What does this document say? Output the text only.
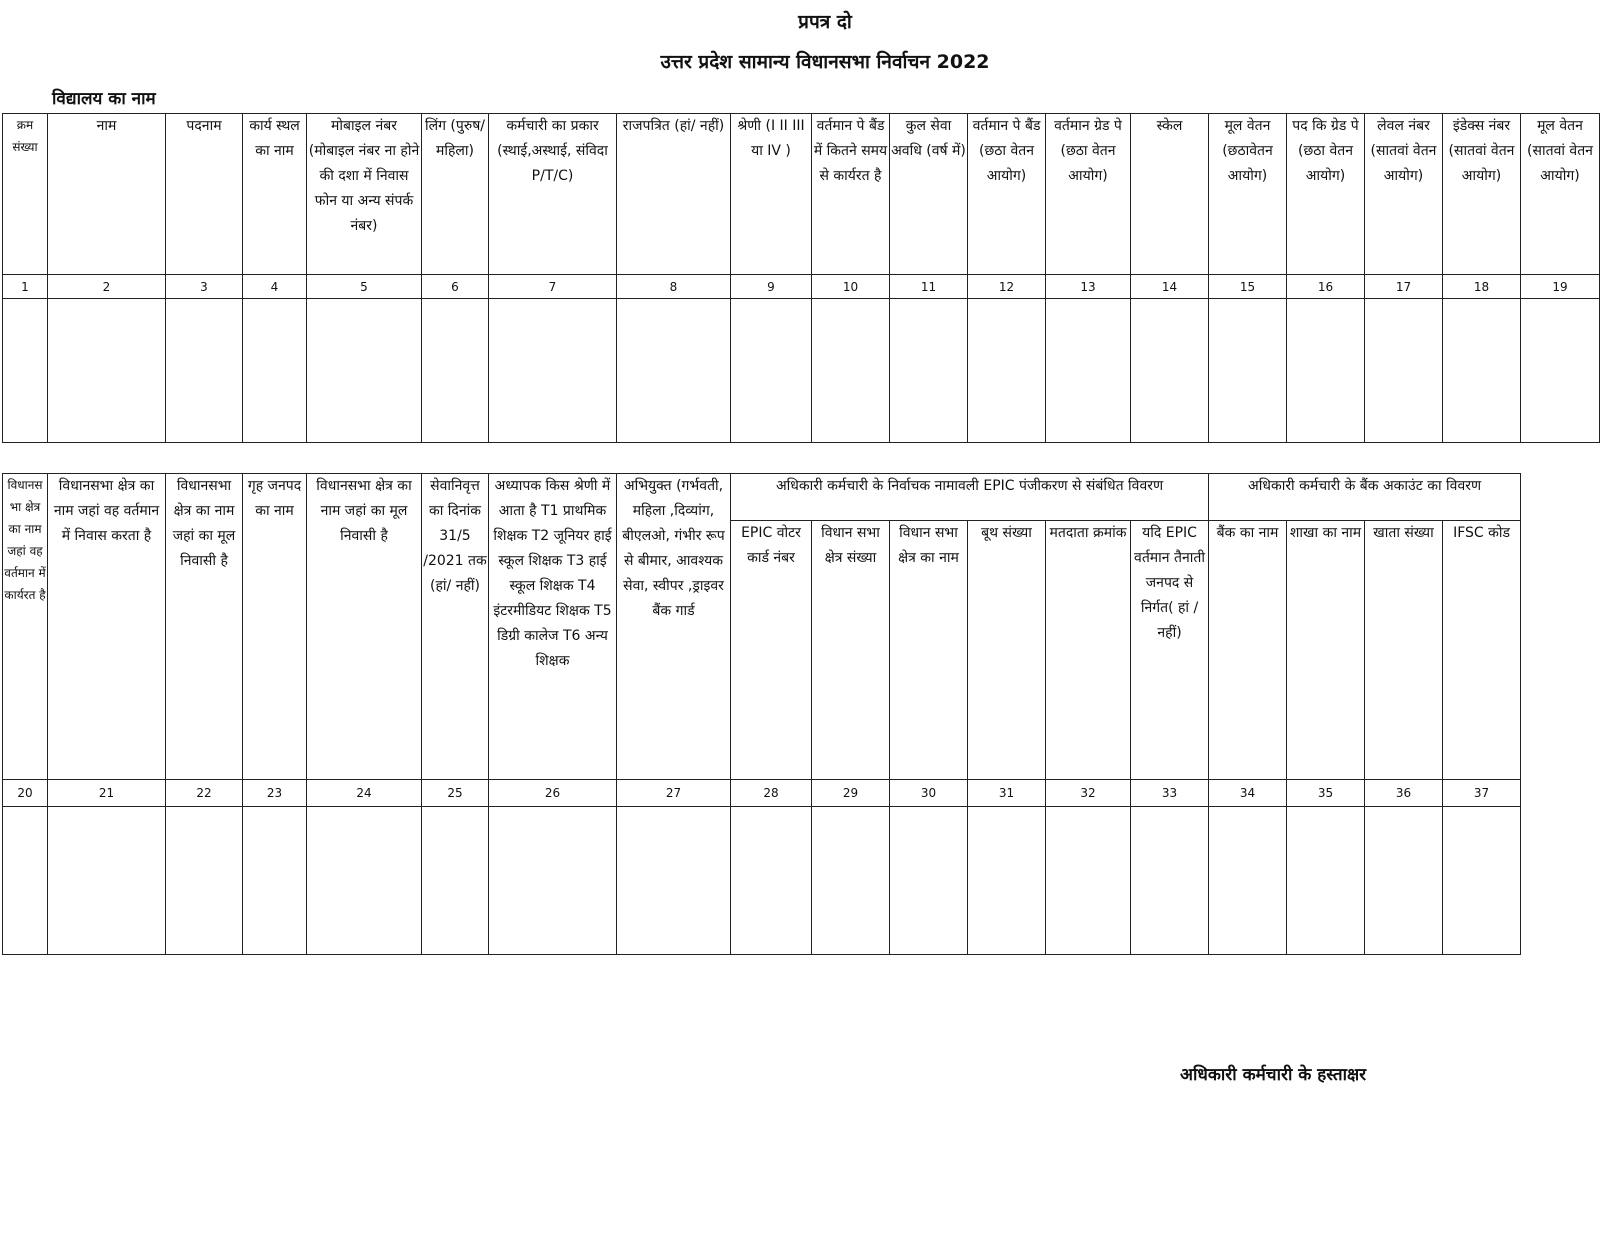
प्रपत्र दो
उत्तर प्रदेश सामान्य विधानसभा निर्वाचन 2022
विद्यालय का नाम
क्रम संख्या	नाम	पदनाम	कार्य स्थल का नाम	मोबाइल नंबर (मोबाइल नंबर ना होने की दशा में निवास फोन या अन्य संपर्क नंबर)	लिंग (पुरुष/ महिला)	कर्मचारी का प्रकार (स्थाई,अस्थाई, संविदा P/T/C)	राजपत्रित (हां/ नहीं)	श्रेणी (I II III या IV )	वर्तमान पे बैंड में कितने समय से कार्यरत है	कुल सेवा अवधि (वर्ष में)	वर्तमान पे बैंड (छठा वेतन आयोग)	वर्तमान ग्रेड पे (छठा वेतन आयोग)	स्केल	मूल वेतन (छठावेतन आयोग)	पद कि ग्रेड पे (छठा वेतन आयोग)	लेवल नंबर (सातवां वेतन आयोग)	इंडेक्स नंबर (सातवां वेतन आयोग)	मूल वेतन (सातवां वेतन आयोग)
1	2	3	4	5	6	7	8	9	10	11	12	13	14	15	16	17	18	19

विधानसभा क्षेत्र का नाम जहां वह वर्तमान में कार्यरत है	विधानसभा क्षेत्र का नाम जहां वह वर्तमान में निवास करता है	विधानसभा क्षेत्र का नाम जहां का मूल निवासी है	गृह जनपद का नाम	विधानसभा क्षेत्र का नाम जहां का मूल निवासी है	सेवानिवृत्त का दिनांक 31/5 /2021 तक (हां/ नहीं)	अध्यापक किस श्रेणी में आता है T1 प्राथमिक शिक्षक T2 जूनियर हाई स्कूल शिक्षक T3 हाई स्कूल शिक्षक T4 इंटरमीडियट शिक्षक T5 डिग्री कालेज T6 अन्य शिक्षक	अभियुक्त (गर्भवती, महिला ,दिव्यांग, बीएलओ, गंभीर रूप से बीमार, आवश्यक सेवा, स्वीपर ,ड्राइवर बैंक गार्ड	अधिकारी कर्मचारी के निर्वाचक नामावली EPIC पंजीकरण से संबंधित विवरण						अधिकारी कर्मचारी के बैंक अकाउंट का विवरण			
								EPIC वोटर कार्ड नंबर	विधान सभा क्षेत्र संख्या	विधान सभा क्षेत्र का नाम	बूथ संख्या	मतदाता क्रमांक	यदि EPIC वर्तमान तैनाती जनपद से निर्गत( हां /नहीं)	बैंक का नाम	शाखा का नाम	खाता संख्या	IFSC कोड
20	21	22	23	24	25	26	27	28	29	30	31	32	33	34	35	36	37

अधिकारी कर्मचारी के हस्ताक्षर
